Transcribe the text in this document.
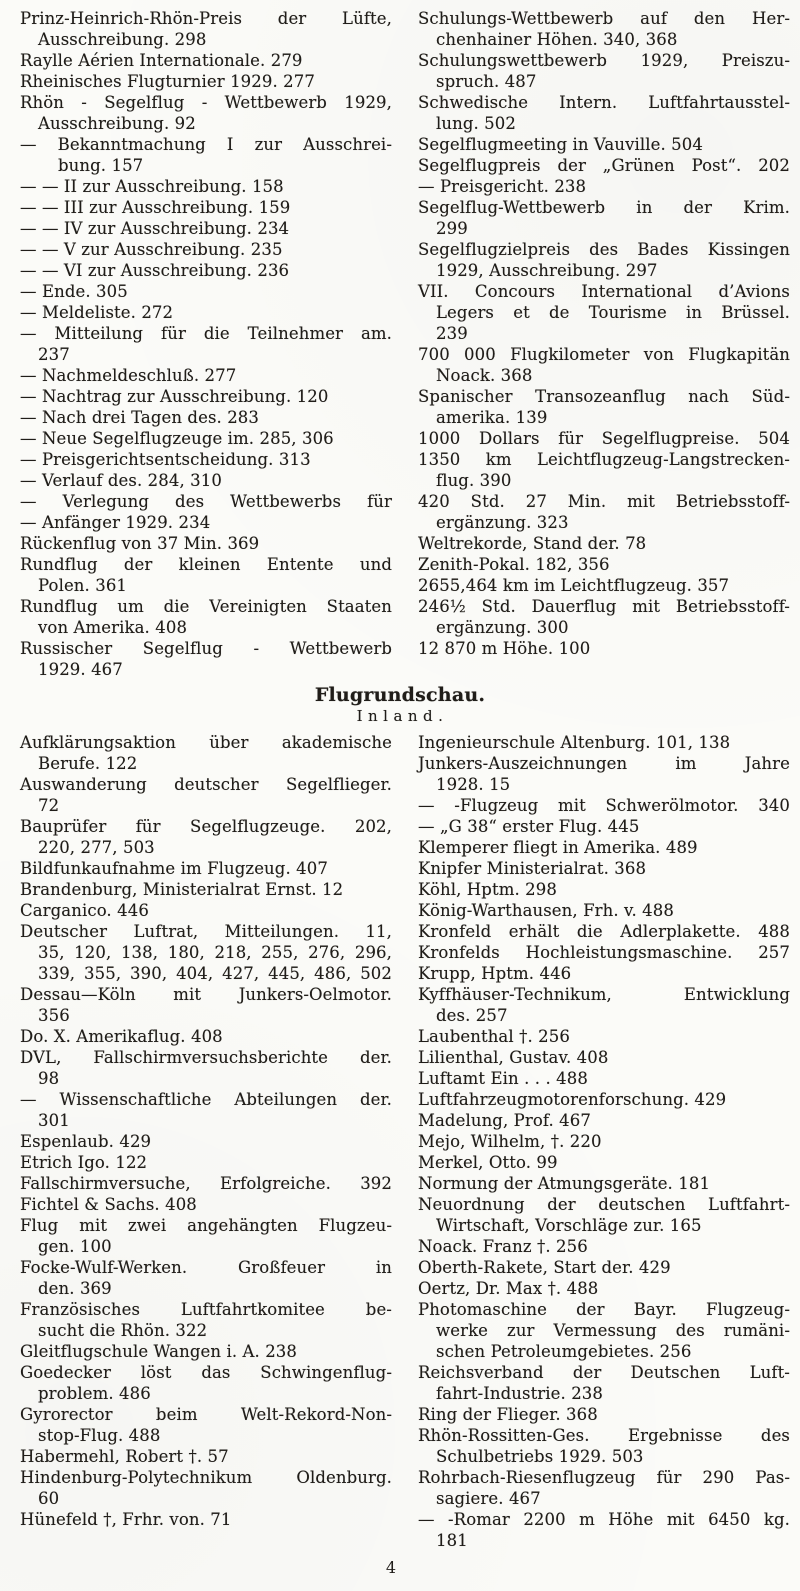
Prinz-Heinrich-Rhön-Preis der Lüfte,
Ausschreibung. 298
Raylle Aérien Internationale. 279
Rheinisches Flugturnier 1929. 277
Rhön - Segelflug - Wettbewerb 1929,
Ausschreibung. 92
— Bekanntmachung I zur Ausschrei-
bung. 157
— — II zur Ausschreibung. 158
— — III zur Ausschreibung. 159
— — IV zur Ausschreibung. 234
— — V zur Ausschreibung. 235
— — VI zur Ausschreibung. 236
— Ende. 305
— Meldeliste. 272
— Mitteilung für die Teilnehmer am.
237
— Nachmeldeschluß. 277
— Nachtrag zur Ausschreibung. 120
— Nach drei Tagen des. 283
— Neue Segelflugzeuge im. 285, 306
— Preisgerichtsentscheidung. 313
— Verlauf des. 284, 310
— Verlegung des Wettbewerbs für
— Anfänger 1929. 234
Rückenflug von 37 Min. 369
Rundflug der kleinen Entente und
Polen. 361
Rundflug um die Vereinigten Staaten
von Amerika. 408
Russischer Segelflug - Wettbewerb
1929. 467
Schulungs-Wettbewerb auf den Her-
chenhainer Höhen. 340, 368
Schulungswettbewerb 1929, Preiszu-
spruch. 487
Schwedische Intern. Luftfahrtausstel-
lung. 502
Segelflugmeeting in Vauville. 504
Segelflugpreis der „Grünen Post“. 202
— Preisgericht. 238
Segelflug-Wettbewerb in der Krim.
299
Segelflugzielpreis des Bades Kissingen
1929, Ausschreibung. 297
VII. Concours International d’Avions
Legers et de Tourisme in Brüssel.
239
700 000 Flugkilometer von Flugkapitän
Noack. 368
Spanischer Transozeanflug nach Süd-
amerika. 139
1000 Dollars für Segelflugpreise. 504
1350 km Leichtflugzeug-Langstrecken-
flug. 390
420 Std. 27 Min. mit Betriebsstoff-
ergänzung. 323
Weltrekorde, Stand der. 78
Zenith-Pokal. 182, 356
2655,464 km im Leichtflugzeug. 357
246½ Std. Dauerflug mit Betriebsstoff-
ergänzung. 300
12 870 m Höhe. 100
Flugrundschau.
Inland.
Aufklärungsaktion über akademische
Berufe. 122
Auswanderung deutscher Segelflieger.
72
Bauprüfer für Segelflugzeuge. 202,
220, 277, 503
Bildfunkaufnahme im Flugzeug. 407
Brandenburg, Ministerialrat Ernst. 12
Carganico. 446
Deutscher Luftrat, Mitteilungen. 11,
35, 120, 138, 180, 218, 255, 276, 296,
339, 355, 390, 404, 427, 445, 486, 502
Dessau—Köln mit Junkers-Oelmotor.
356
Do. X. Amerikaflug. 408
DVL, Fallschirmversuchsberichte der.
98
— Wissenschaftliche Abteilungen der.
301
Espenlaub. 429
Etrich Igo. 122
Fallschirmversuche, Erfolgreiche. 392
Fichtel & Sachs. 408
Flug mit zwei angehängten Flugzeu-
gen. 100
Focke-Wulf-Werken. Großfeuer in
den. 369
Französisches Luftfahrtkomitee be-
sucht die Rhön. 322
Gleitflugschule Wangen i. A. 238
Goedecker löst das Schwingenflug-
problem. 486
Gyrorector beim Welt-Rekord-Non-
stop-Flug. 488
Habermehl, Robert †. 57
Hindenburg-Polytechnikum Oldenburg.
60
Hünefeld †, Frhr. von. 71
Ingenieurschule Altenburg. 101, 138
Junkers-Auszeichnungen im Jahre
1928. 15
— -Flugzeug mit Schwerölmotor. 340
— „G 38“ erster Flug. 445
Klemperer fliegt in Amerika. 489
Knipfer Ministerialrat. 368
Köhl, Hptm. 298
König-Warthausen, Frh. v. 488
Kronfeld erhält die Adlerplakette. 488
Kronfelds Hochleistungsmaschine. 257
Krupp, Hptm. 446
Kyffhäuser-Technikum, Entwicklung
des. 257
Laubenthal †. 256
Lilienthal, Gustav. 408
Luftamt Ein . . . 488
Luftfahrzeugmotorenforschung. 429
Madelung, Prof. 467
Mejo, Wilhelm, †. 220
Merkel, Otto. 99
Normung der Atmungsgeräte. 181
Neuordnung der deutschen Luftfahrt-
Wirtschaft, Vorschläge zur. 165
Noack. Franz †. 256
Oberth-Rakete, Start der. 429
Oertz, Dr. Max †. 488
Photomaschine der Bayr. Flugzeug-
werke zur Vermessung des rumäni-
schen Petroleumgebietes. 256
Reichsverband der Deutschen Luft-
fahrt-Industrie. 238
Ring der Flieger. 368
Rhön-Rossitten-Ges. Ergebnisse des
Schulbetriebs 1929. 503
Rohrbach-Riesenflugzeug für 290 Pas-
sagiere. 467
— -Romar 2200 m Höhe mit 6450 kg.
181
4
